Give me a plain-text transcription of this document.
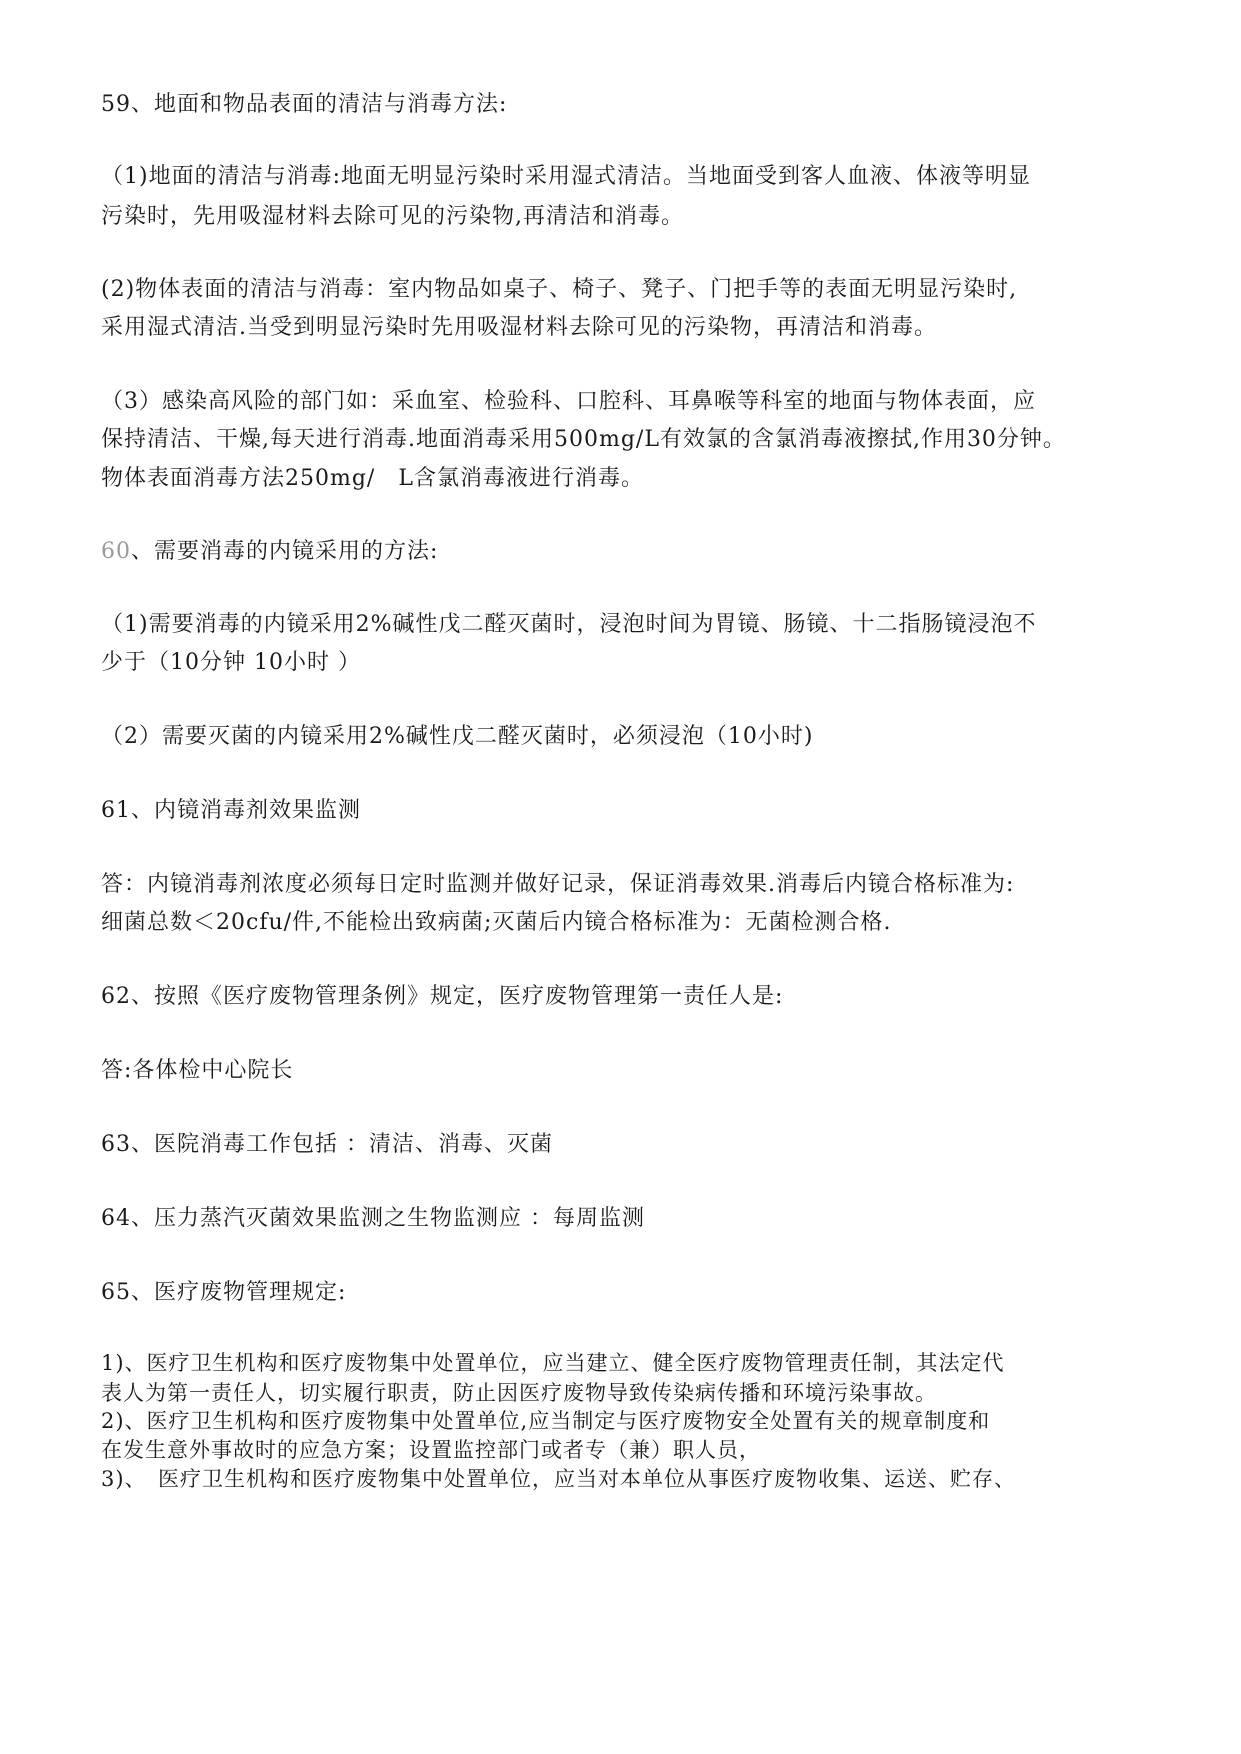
59、地面和物品表面的清洁与消毒方法:
（1)地面的清洁与消毒:地面无明显污染时采用湿式清洁。当地面受到客人血液、体液等明显
污染时，先用吸湿材料去除可见的污染物,再清洁和消毒。
(2)物体表面的清洁与消毒：室内物品如桌子、椅子、凳子、门把手等的表面无明显污染时,
采用湿式清洁.当受到明显污染时先用吸湿材料去除可见的污染物，再清洁和消毒。
（3）感染高风险的部门如：采血室、检验科、口腔科、耳鼻喉等科室的地面与物体表面，应
保持清洁、干燥,每天进行消毒.地面消毒采用500mg/L有效氯的含氯消毒液擦拭,作用30分钟。
物体表面消毒方法250mg/　L含氯消毒液进行消毒。
60、需要消毒的内镜采用的方法:
（1)需要消毒的内镜采用2%碱性戊二醛灭菌时，浸泡时间为胃镜、肠镜、十二指肠镜浸泡不
少于（10分钟 10小时 ）
（2）需要灭菌的内镜采用2%碱性戊二醛灭菌时，必须浸泡（10小时)
61、内镜消毒剂效果监测
答：内镜消毒剂浓度必须每日定时监测并做好记录，保证消毒效果.消毒后内镜合格标准为:
细菌总数＜20cfu/件,不能检出致病菌;灭菌后内镜合格标准为：无菌检测合格.
62、按照《医疗废物管理条例》规定，医疗废物管理第一责任人是:
答:各体检中心院长
63、医院消毒工作包括 ：清洁、消毒、灭菌
64、压力蒸汽灭菌效果监测之生物监测应 ：每周监测
65、医疗废物管理规定:
1)、医疗卫生机构和医疗废物集中处置单位，应当建立、健全医疗废物管理责任制，其法定代
表人为第一责任人，切实履行职责，防止因医疗废物导致传染病传播和环境污染事故。
2)、医疗卫生机构和医疗废物集中处置单位,应当制定与医疗废物安全处置有关的规章制度和
在发生意外事故时的应急方案；设置监控部门或者专（兼）职人员，
3)、　医疗卫生机构和医疗废物集中处置单位，应当对本单位从事医疗废物收集、运送、贮存、
